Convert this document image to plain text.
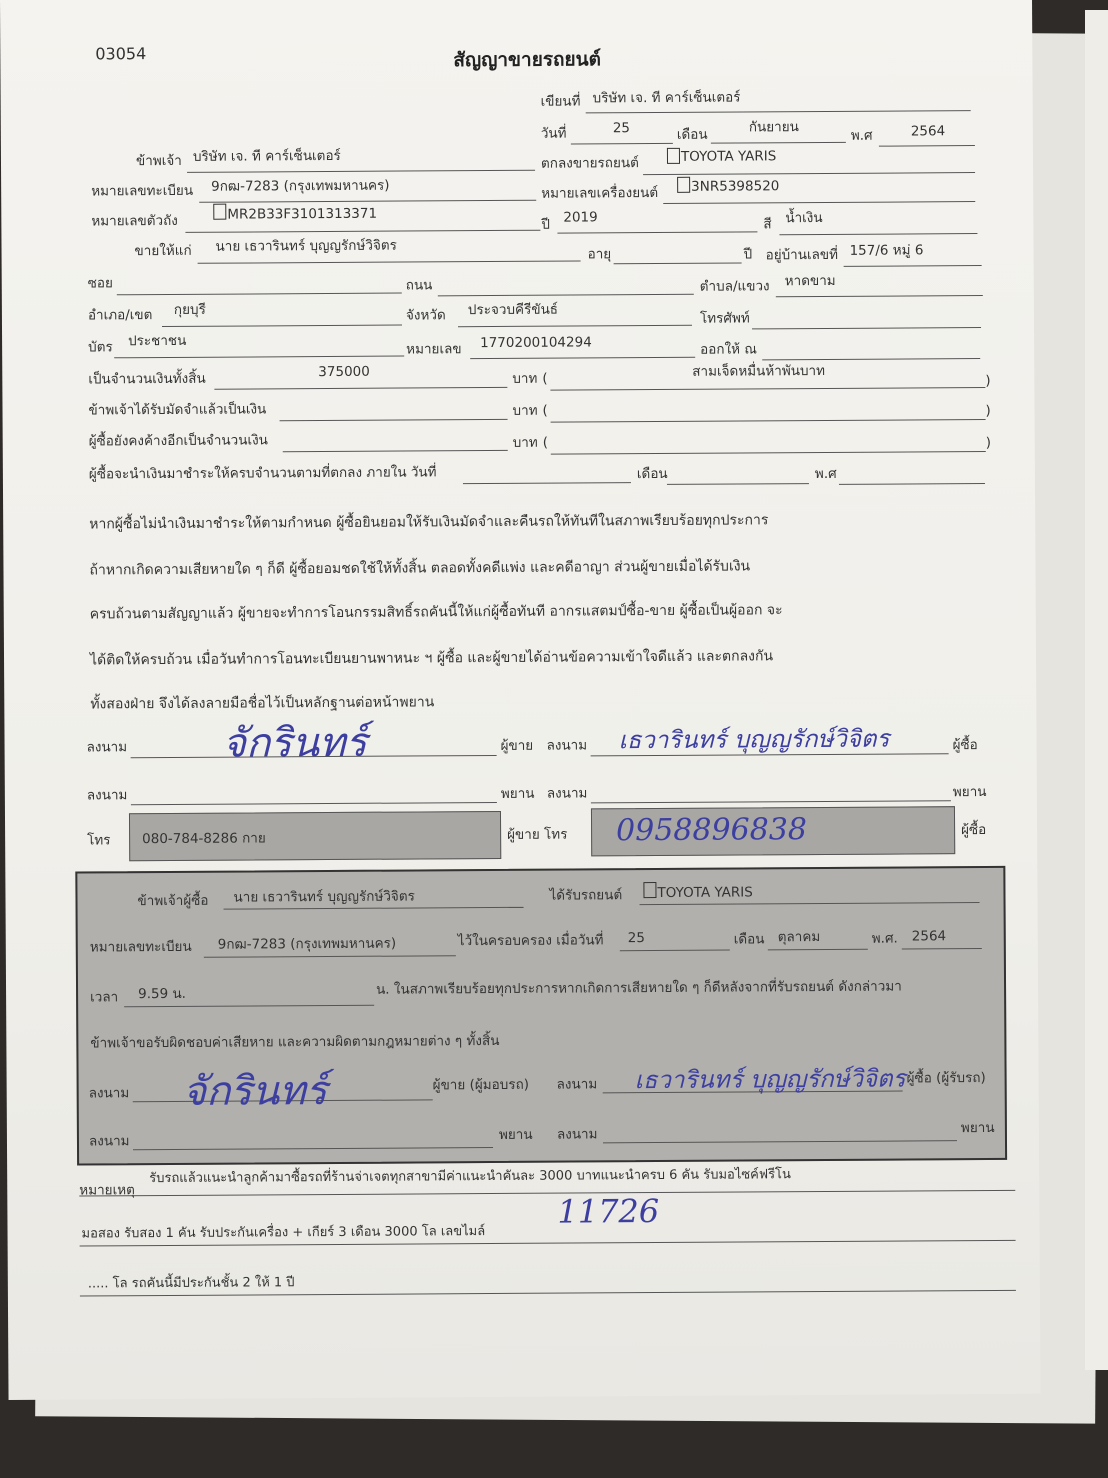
03054	สัญญาขายรถยนต์
เขียนที่ บริษัท เจ. ที คาร์เซ็นเตอร์
วันที่	25	เดือน	กันยายน
พ.ศ	2564
ข้าพเจ้า บริษัท เจ. ที คาร์เซ็นเตอร์	ตกลงขายรถยนต์	TOYOTA YARIS
หมายเลขทะเบียน 9กฒ-7283 (กรุงเทพมหานคร)	หมายเลขเครื่องยนต์ 3NR5398520
หมายเลขตัวถัง	MR2B33F3101313371
ปี 2019	สี น้ำเงิน
ขายให้แก่ นาย เธวารินทร์ บุญญรักษ์วิจิตร	อายุ	ปี อยู่บ้านเลขที่ 157/6 หมู่ 6
ซอย	ถนน	ตำบล/แขวง หาดขาม
อำเภอ/เขต กุยบุรี	จังหวัด ประจวบคีรีขันธ์
โทรศัพท์
บัตร ประชาชน
หมายเลข 1770200104294	ออกให้ ณ
เป็นจำนวนเงินทั้งสิ้น	375000	บาท (	สามเจ็ดหมื่นห้าพันบาท
)
ข้าพเจ้าได้รับมัดจำแล้วเป็นเงิน	บาท (	)
ผู้ซื้อยังคงค้างอีกเป็นจำนวนเงิน	บาท (	)
ผู้ซื้อจะนำเงินมาชำระให้ครบจำนวนตามที่ตกลง ภายใน วันที่	เดือน	พ.ศ
หากผู้ซื้อไม่นำเงินมาชำระให้ตามกำหนด ผู้ซื้อยินยอมให้รับเงินมัดจำและคืนรถให้ทันทีในสภาพเรียบร้อยทุกประการ
ถ้าหากเกิดความเสียหายใด ๆ ก็ดี ผู้ซื้อยอมชดใช้ให้ทั้งสิ้น ตลอดทั้งคดีแพ่ง และคดีอาญา ส่วนผู้ขายเมื่อได้รับเงิน
ครบถ้วนตามสัญญาแล้ว ผู้ขายจะทำการโอนกรรมสิทธิ์รถคันนี้ให้แก่ผู้ซื้อทันที อากรแสตมป์ซื้อ-ขาย ผู้ซื้อเป็นผู้ออก จะ
ได้ติดให้ครบถ้วน เมื่อวันทำการโอนทะเบียนยานพาหนะ ฯ ผู้ซื้อ และผู้ขายได้อ่านข้อความเข้าใจดีแล้ว และตกลงกัน
ทั้งสองฝ่าย จึงได้ลงลายมือชื่อไว้เป็นหลักฐานต่อหน้าพยาน
ลงนาม จักรินทร์	ผู้ขาย ลงนาม เธวารินทร์ บุญญรักษ์วิจิตร	ผู้ซื้อ
ลงนาม	พยาน ลงนาม	พยาน
โทร 080-784-8286 กาย	ผู้ขาย โทร 0958896838	ผู้ซื้อ
ข้าพเจ้าผู้ซื้อ นาย เธวารินทร์ บุญญรักษ์วิจิตร	ได้รับรถยนต์	TOYOTA YARIS
หมายเลขทะเบียน 9กฒ-7283 (กรุงเทพมหานคร)	ไว้ในครอบครอง เมื่อวันที่ 25	เดือน ตุลาคม	พ.ศ. 2564
เวลา 9.59 น.	น. ในสภาพเรียบร้อยทุกประการหากเกิดการเสียหายใด ๆ ก็ดีหลังจากที่รับรถยนต์ ดังกล่าวมา
ข้าพเจ้าขอรับผิดชอบค่าเสียหาย และความผิดตามกฎหมายต่าง ๆ ทั้งสิ้น
ลงนาม จักรินทร์	ผู้ขาย (ผู้มอบรถ) ลงนาม เธวารินทร์ บุญญรักษ์วิจิตร ผู้ซื้อ (ผู้รับรถ)
ลงนาม	พยาน ลงนาม	พยาน
หมายเหตุ
รับรถแล้วแนะนำลูกค้ามาซื้อรถที่ร้านจ่าเจตทุกสาขามีค่าแนะนำคันละ 3000 บาทแนะนำครบ 6 คัน รับมอไซค์ฟรีโน
มอสอง รับสอง 1 คัน รับประกันเครื่อง + เกียร์ 3 เดือน 3000 โล เลขไมล์
11726
..... โล รถคันนี้มีประกันชั้น 2 ให้ 1 ปี
